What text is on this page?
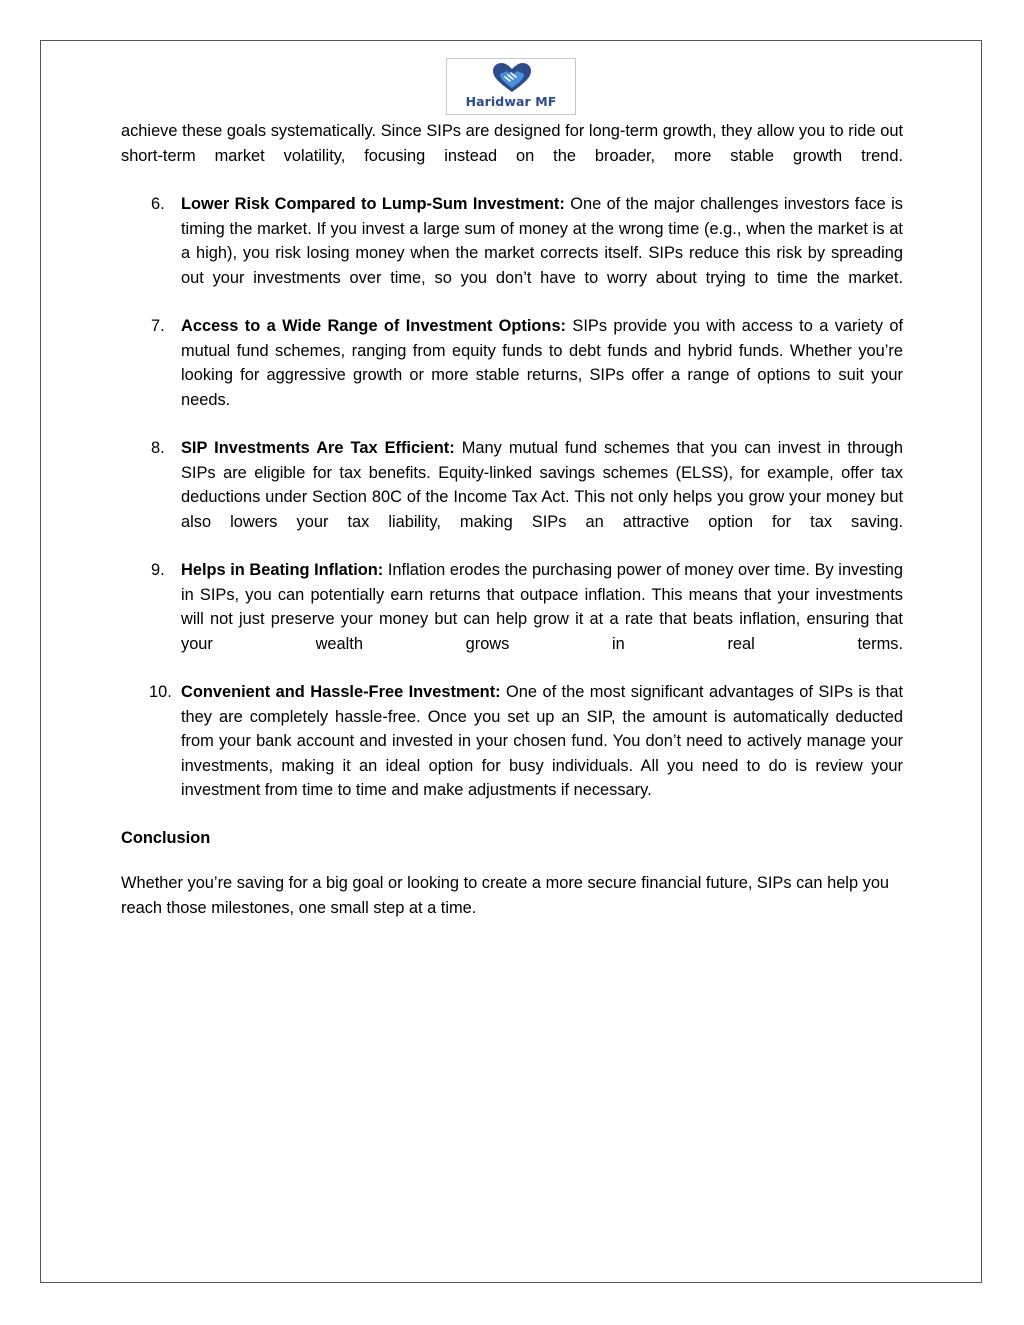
Haridwar MF

achieve these goals systematically. Since SIPs are designed for long-term growth, they allow you to ride out short-term market volatility, focusing instead on the broader, more stable growth trend.

6. Lower Risk Compared to Lump-Sum Investment: One of the major challenges investors face is timing the market. If you invest a large sum of money at the wrong time (e.g., when the market is at a high), you risk losing money when the market corrects itself. SIPs reduce this risk by spreading out your investments over time, so you don’t have to worry about trying to time the market.

7. Access to a Wide Range of Investment Options: SIPs provide you with access to a variety of mutual fund schemes, ranging from equity funds to debt funds and hybrid funds. Whether you’re looking for aggressive growth or more stable returns, SIPs offer a range of options to suit your needs.

8. SIP Investments Are Tax Efficient: Many mutual fund schemes that you can invest in through SIPs are eligible for tax benefits. Equity-linked savings schemes (ELSS), for example, offer tax deductions under Section 80C of the Income Tax Act. This not only helps you grow your money but also lowers your tax liability, making SIPs an attractive option for tax saving.

9. Helps in Beating Inflation: Inflation erodes the purchasing power of money over time. By investing in SIPs, you can potentially earn returns that outpace inflation. This means that your investments will not just preserve your money but can help grow it at a rate that beats inflation, ensuring that your wealth grows in real terms.

10. Convenient and Hassle-Free Investment: One of the most significant advantages of SIPs is that they are completely hassle-free. Once you set up an SIP, the amount is automatically deducted from your bank account and invested in your chosen fund. You don’t need to actively manage your investments, making it an ideal option for busy individuals. All you need to do is review your investment from time to time and make adjustments if necessary.

Conclusion

Whether you’re saving for a big goal or looking to create a more secure financial future, SIPs can help you reach those milestones, one small step at a time.
